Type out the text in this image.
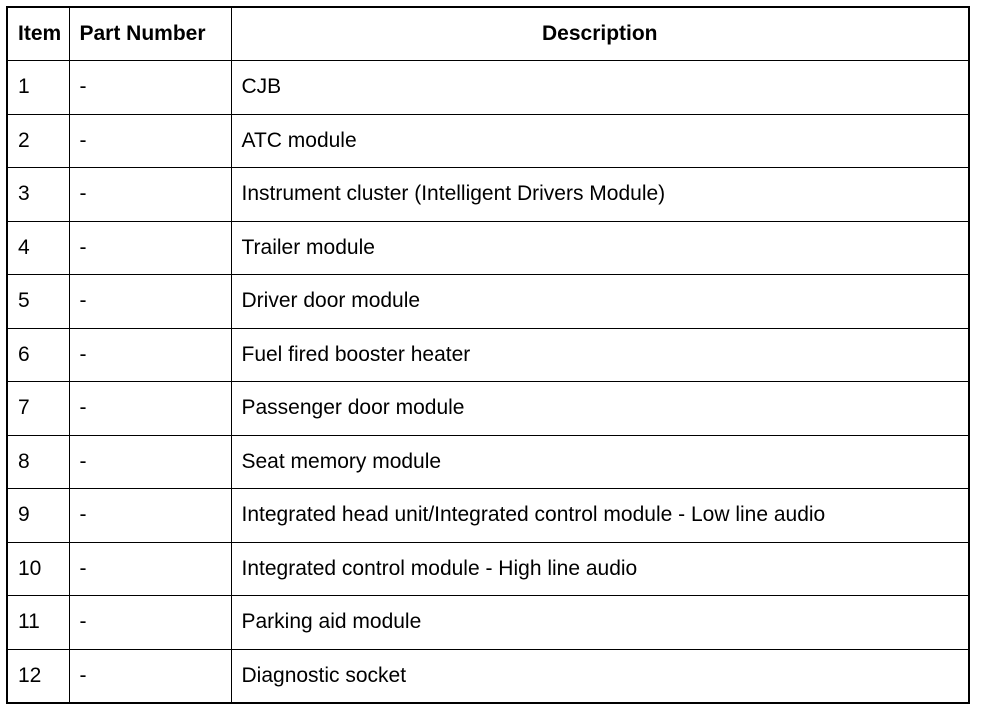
Item	Part Number	Description
1	-	CJB
2	-	ATC module
3	-	Instrument cluster (Intelligent Drivers Module)
4	-	Trailer module
5	-	Driver door module
6	-	Fuel fired booster heater
7	-	Passenger door module
8	-	Seat memory module
9	-	Integrated head unit/Integrated control module - Low line audio
10	-	Integrated control module - High line audio
11	-	Parking aid module
12	-	Diagnostic socket
